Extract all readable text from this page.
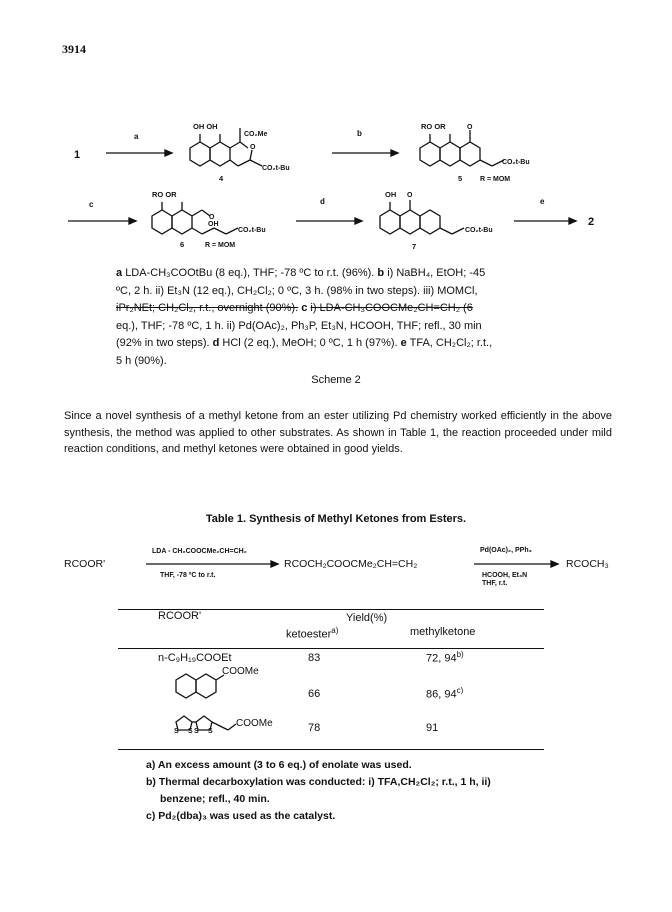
3914
1
a
OH OH
CO₂Me
O
CO₂t-Bu
4
b
RO OR	O
CO₂t-Bu
5	R = MOM
c
RO OR
O
OH
CO₂t-Bu
6	R = MOM
d
OH O
CO₂t-Bu
7
e
2
S S S S
a LDA-CH₃COOtBu (8 eq.), THF; -78 ºC to r.t. (96%). b i) NaBH₄, EtOH; -45
ºC, 2 h. ii) Et₃N (12 eq.), CH₂Cl₂; 0 ºC, 3 h. (98% in two steps). iii) MOMCl,
iPr₂NEt; CH₂Cl₂, r.t., overnight (90%). c i) LDA-CH₃COOCMe₂CH=CH₂ (6
eq.), THF; -78 ºC, 1 h. ii) Pd(OAc)₂, Ph₃P, Et₃N, HCOOH, THF; refl., 30 min
(92% in two steps). d HCl (2 eq.), MeOH; 0 ºC, 1 h (97%). e TFA, CH₂Cl₂; r.t.,
5 h (90%).
Scheme 2
Since a novel synthesis of a methyl ketone from an ester utilizing Pd chemistry worked efficiently in the above synthesis, the method was applied to other substrates. As shown in Table 1, the reaction proceeded under mild reaction conditions, and methyl ketones were obtained in good yields.
Table 1. Synthesis of Methyl Ketones from Esters.
RCOOR'
LDA - CH₂COOCMe₂CH=CH₂
THF, -78 ºC to r.t.
RCOCH₂COOCMe₂CH=CH₂
Pd(OAc)₂, PPh₃
HCOOH, Et₃N
THF, r.t.
RCOCH₃
RCOOR'	Yield(%)
ketoester$^{a)}$	methylketone
n-C₉H₁₉COOEt	83	72, 94$^{b)}$
COOMe
66	86, 94$^{c)}$
COOMe	78	91
a) An excess amount (3 to 6 eq.) of enolate was used.
b) Thermal decarboxylation was conducted: i) TFA,CH₂Cl₂; r.t., 1 h, ii)
benzene; refl., 40 min.
c) Pd₂(dba)₃ was used as the catalyst.
